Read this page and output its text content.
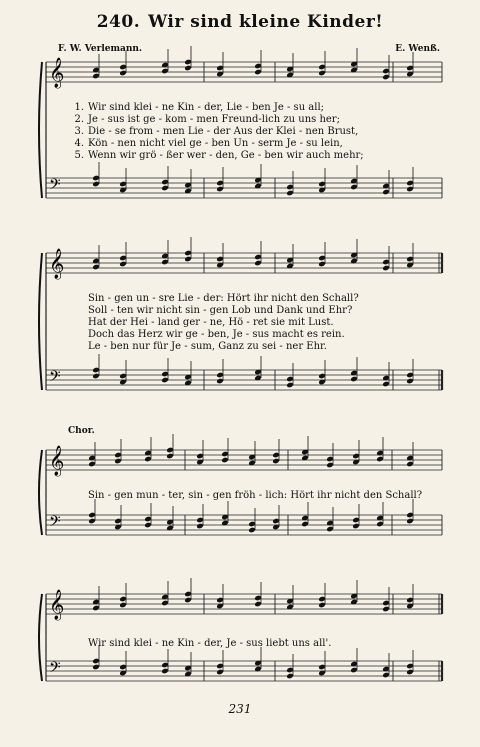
240. Wir sind kleine Kinder!
F. W. Verlemann.	E. Wenß.
Chor.
231
𝄞
𝄢
𝄞
𝄢
𝄞
𝄢
𝄞
𝄢
1. Wir sind klei - ne Kin - der, Lie - ben Je - su all;
2. Je - sus ist ge - kom - men Freund-lich zu uns her;
3. Die - se from - men Lie - der Aus der Klei - nen Brust,
4. Kön - nen nicht viel ge - ben Un - serm Je - su lein,
5. Wenn wir grö - ßer wer - den, Ge - ben wir auch mehr;
Sin - gen un - sre Lie - der: Hört ihr nicht den Schall?
Soll - ten wir nicht sin - gen Lob und Dank und Ehr?
Hat der Hei - land ger - ne, Hö - ret sie mit Lust.
Doch das Herz wir ge - ben, Je - sus macht es rein.
Le - ben nur für Je - sum, Ganz zu sei - ner Ehr.
Sin - gen mun - ter, sin - gen fröh - lich: Hört ihr nicht den Schall?
Wir sind klei - ne Kin - der, Je - sus liebt uns all'.
